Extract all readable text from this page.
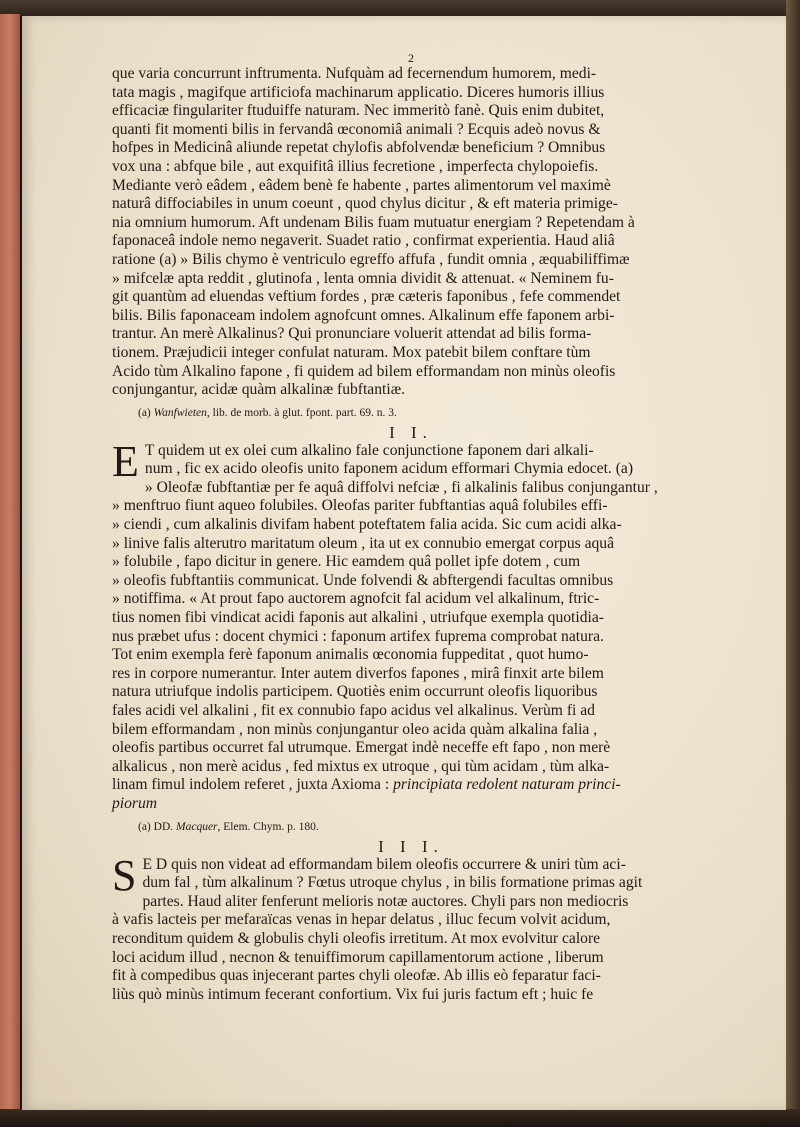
2
que varia concurrunt inftrumenta. Nufquàm ad fecernendum humorem, medi-
tata magis , magifque artificiofa machinarum applicatio. Diceres humoris illius
efficaciæ fingulariter ftuduiffe naturam. Nec immeritò fanè. Quis enim dubitet,
quanti fit momenti bilis in fervandâ œconomiâ animali ? Ecquis adeò novus &
hofpes in Medicinâ aliunde repetat chylofis abfolvendæ beneficium ? Omnibus
vox una : abfque bile , aut exquifitâ illius fecretione , imperfecta chylopoiefis.
Mediante verò eâdem , eâdem benè fe habente , partes alimentorum vel maximè
naturâ diffociabiles in unum coeunt , quod chylus dicitur , & eft materia primige-
nia omnium humorum. Aft undenam Bilis fuam mutuatur energiam ? Repetendam à
faponaceâ indole nemo negaverit. Suadet ratio , confirmat experientia. Haud aliâ
ratione (a) » Bilis chymo è ventriculo egreffo affufa , fundit omnia , æquabiliffimæ
» mifcelæ apta reddit , glutinofa , lenta omnia dividit & attenuat. « Neminem fu-
git quantùm ad eluendas veftium fordes , præ cæteris faponibus , fefe commendet
bilis. Bilis faponaceam indolem agnofcunt omnes. Alkalinum effe faponem arbi-
trantur. An merè Alkalinus? Qui pronunciare voluerit attendat ad bilis forma-
tionem. Præjudicii integer confulat naturam. Mox patebit bilem conftare tùm
Acido tùm Alkalino fapone , fi quidem ad bilem efformandam non minùs oleofis
conjungantur, acidæ quàm alkalinæ fubftantiæ.
(a) Wanfwieten, lib. de morb. à glut. fpont. part. 69. n. 3.
I I.
E T quidem ut ex olei cum alkalino fale conjunctione faponem dari alkali-
num , fic ex acido oleofis unito faponem acidum efformari Chymia edocet. (a)
» Oleofæ fubftantiæ per fe aquâ diffolvi nefciæ , fi alkalinis falibus conjungantur ,
» menftruo fiunt aqueo folubiles. Oleofas pariter fubftantias aquâ folubiles effi-
» ciendi , cum alkalinis divifam habent poteftatem falia acida. Sic cum acidi alka-
» linive falis alterutro maritatum oleum , ita ut ex connubio emergat corpus aquâ
» folubile , fapo dicitur in genere. Hic eamdem quâ pollet ipfe dotem , cum
» oleofis fubftantiis communicat. Unde folvendi & abftergendi facultas omnibus
» notiffima. « At prout fapo auctorem agnofcit fal acidum vel alkalinum, ftric-
tius nomen fibi vindicat acidi faponis aut alkalini , utriufque exempla quotidia-
nus præbet ufus : docent chymici : faponum artifex fuprema comprobat natura.
Tot enim exempla ferè faponum animalis œconomia fuppeditat , quot humo-
res in corpore numerantur. Inter autem diverfos fapones , mirâ finxit arte bilem
natura utriufque indolis participem. Quotiès enim occurrunt oleofis liquoribus
fales acidi vel alkalini , fit ex connubio fapo acidus vel alkalinus. Verùm fi ad
bilem efformandam , non minùs conjungantur oleo acida quàm alkalina falia ,
oleofis partibus occurret fal utrumque. Emergat indè neceffe eft fapo , non merè
alkalicus , non merè acidus , fed mixtus ex utroque , qui tùm acidam , tùm alka-
linam fimul indolem referet , juxta Axioma : principiata redolent naturam princi-
piorum
(a) DD. Macquer, Elem. Chym. p. 180.
I I I.
S E D quis non videat ad efformandam bilem oleofis occurrere & uniri tùm aci-
dum fal , tùm alkalinum ? Fœtus utroque chylus , in bilis formatione primas agit
partes. Haud aliter fenferunt melioris notæ auctores. Chyli pars non mediocris
à vafis lacteis per mefaraïcas venas in hepar delatus , illuc fecum volvit acidum,
reconditum quidem & globulis chyli oleofis irretitum. At mox evolvitur calore
loci acidum illud , necnon & tenuiffimorum capillamentorum actione , liberum
fit à compedibus quas injecerant partes chyli oleofæ. Ab illis eò feparatur faci-
liùs quò minùs intimum fecerant confortium. Vix fui juris factum eft ; huic fe
